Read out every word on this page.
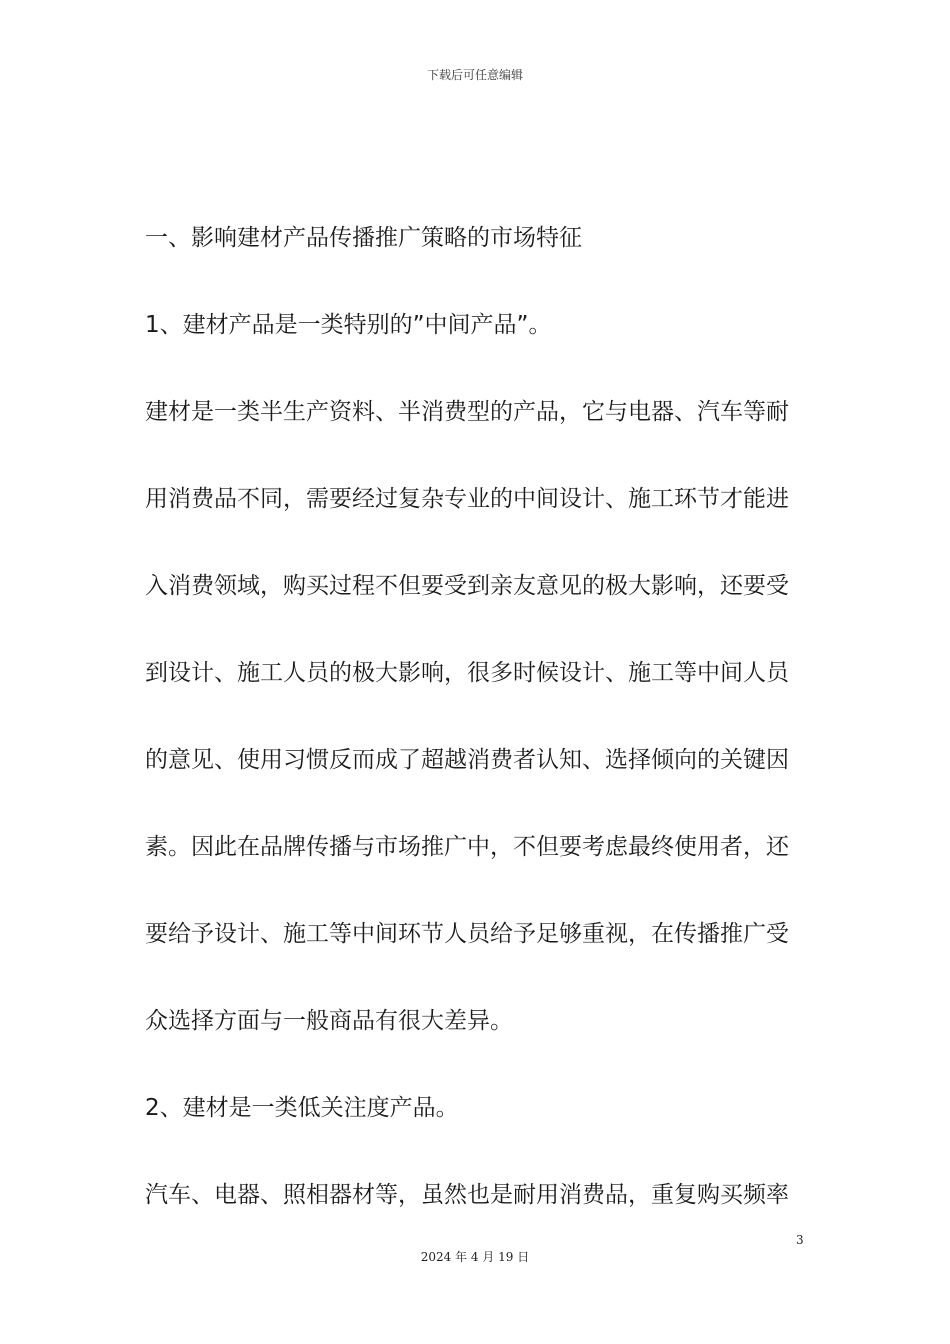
下载后可任意编辑
一、影响建材产品传播推广策略的市场特征
1、建材产品是一类特别的”中间产品”。
建材是一类半生产资料、半消费型的产品，它与电器、汽车等耐
用消费品不同，需要经过复杂专业的中间设计、施工环节才能进
入消费领域，购买过程不但要受到亲友意见的极大影响，还要受
到设计、施工人员的极大影响，很多时候设计、施工等中间人员
的意见、使用习惯反而成了超越消费者认知、选择倾向的关键因
素。因此在品牌传播与市场推广中，不但要考虑最终使用者，还
要给予设计、施工等中间环节人员给予足够重视，在传播推广受
众选择方面与一般商品有很大差异。
2、建材是一类低关注度产品。
汽车、电器、照相器材等，虽然也是耐用消费品，重复购买频率
3
2024 年 4 月 19 日
